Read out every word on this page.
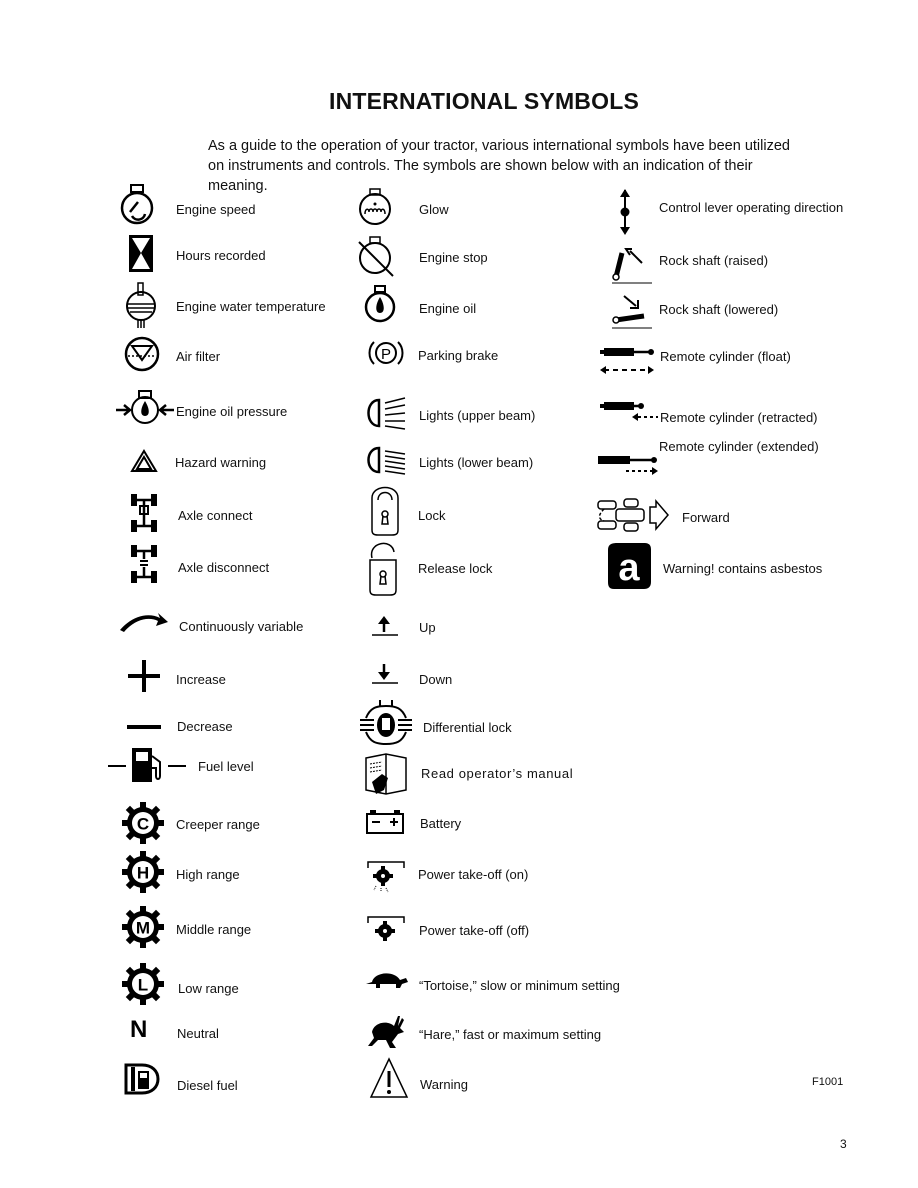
INTERNATIONAL SYMBOLS
As a guide to the operation of your tractor, various international symbols have been utilized on instruments and controls. The symbols are shown below with an indication of their meaning.
Engine speed
Hours recorded
Engine water temperature
Air filter
Engine oil pressure
Hazard warning
Axle connect
Axle disconnect
Continuously variable
Increase
Decrease
Fuel level
C Creeper range
H High range
M Middle range
L Low range
N Neutral
Diesel fuel
Glow
Engine stop
Engine oil
P Parking brake
Lights (upper beam)
Lights (lower beam)
Lock
Release lock
Up
Down
Differential lock
Read operator’s manual
Battery
Power take-off (on)
Power take-off (off)
“Tortoise,” slow or minimum setting
“Hare,” fast or maximum setting
Warning
Control lever operating direction
Rock shaft (raised)
Rock shaft (lowered)
Remote cylinder (float)
Remote cylinder (retracted)
Remote cylinder (extended)
Forward
a Warning! contains asbestos
F1001
3
